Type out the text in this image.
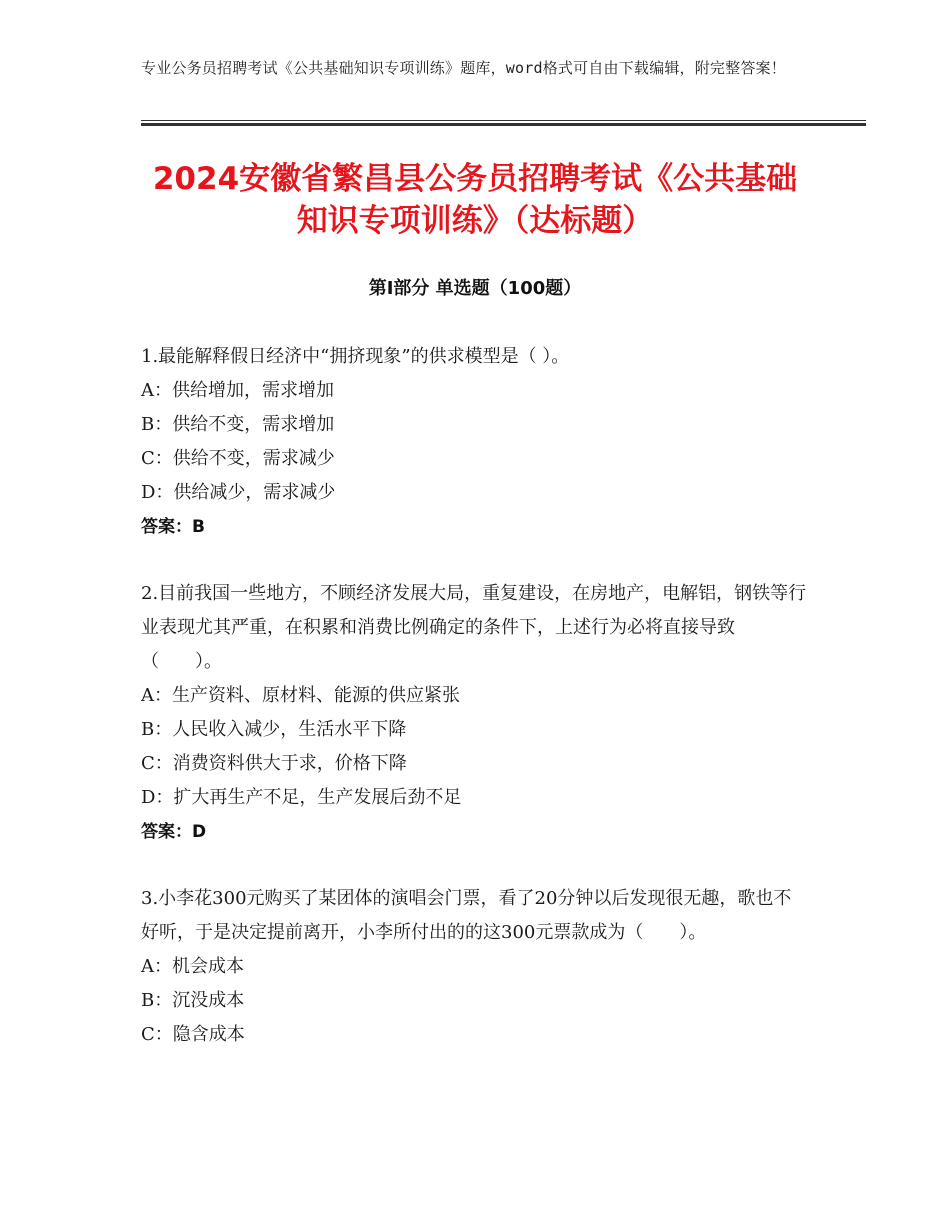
专业公务员招聘考试《公共基础知识专项训练》题库，word格式可自由下载编辑，附完整答案！
2024安徽省繁昌县公务员招聘考试《公共基础知识专项训练》（达标题）
第Ⅰ部分 单选题（100题）
1.最能解释假日经济中“拥挤现象”的供求模型是（ ）。
A：供给增加，需求增加
B：供给不变，需求增加
C：供给不变，需求减少
D：供给减少，需求减少
答案：B
2.目前我国一些地方，不顾经济发展大局，重复建设，在房地产，电解铝，钢铁等行业表现尤其严重，在积累和消费比例确定的条件下，上述行为必将直接导致（　　）。
A：生产资料、原材料、能源的供应紧张
B：人民收入减少，生活水平下降
C：消费资料供大于求，价格下降
D：扩大再生产不足，生产发展后劲不足
答案：D
3.小李花300元购买了某团体的演唱会门票，看了20分钟以后发现很无趣，歌也不好听，于是决定提前离开，小李所付出的的这300元票款成为（　　）。
A：机会成本
B：沉没成本
C：隐含成本
